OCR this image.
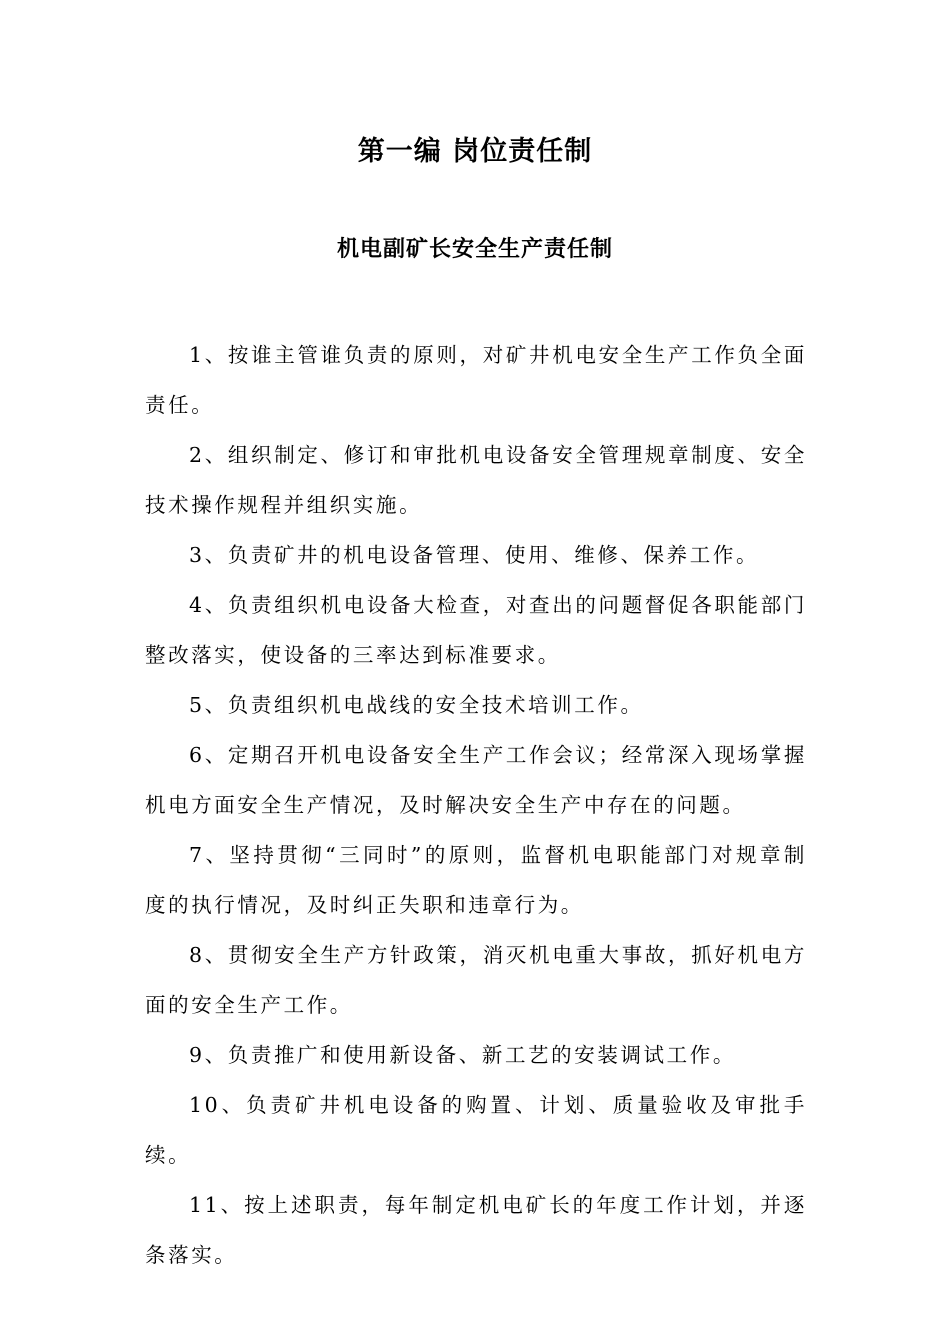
第一编 岗位责任制
机电副矿长安全生产责任制
1、按谁主管谁负责的原则，对矿井机电安全生产工作负全面责任。
2、组织制定、修订和审批机电设备安全管理规章制度、安全技术操作规程并组织实施。
3、负责矿井的机电设备管理、使用、维修、保养工作。
4、负责组织机电设备大检查，对查出的问题督促各职能部门整改落实，使设备的三率达到标准要求。
5、负责组织机电战线的安全技术培训工作。
6、定期召开机电设备安全生产工作会议；经常深入现场掌握机电方面安全生产情况，及时解决安全生产中存在的问题。
7、坚持贯彻“三同时”的原则，监督机电职能部门对规章制度的执行情况，及时纠正失职和违章行为。
8、贯彻安全生产方针政策，消灭机电重大事故，抓好机电方面的安全生产工作。
9、负责推广和使用新设备、新工艺的安装调试工作。
10、负责矿井机电设备的购置、计划、质量验收及审批手续。
11、按上述职责，每年制定机电矿长的年度工作计划，并逐条落实。
